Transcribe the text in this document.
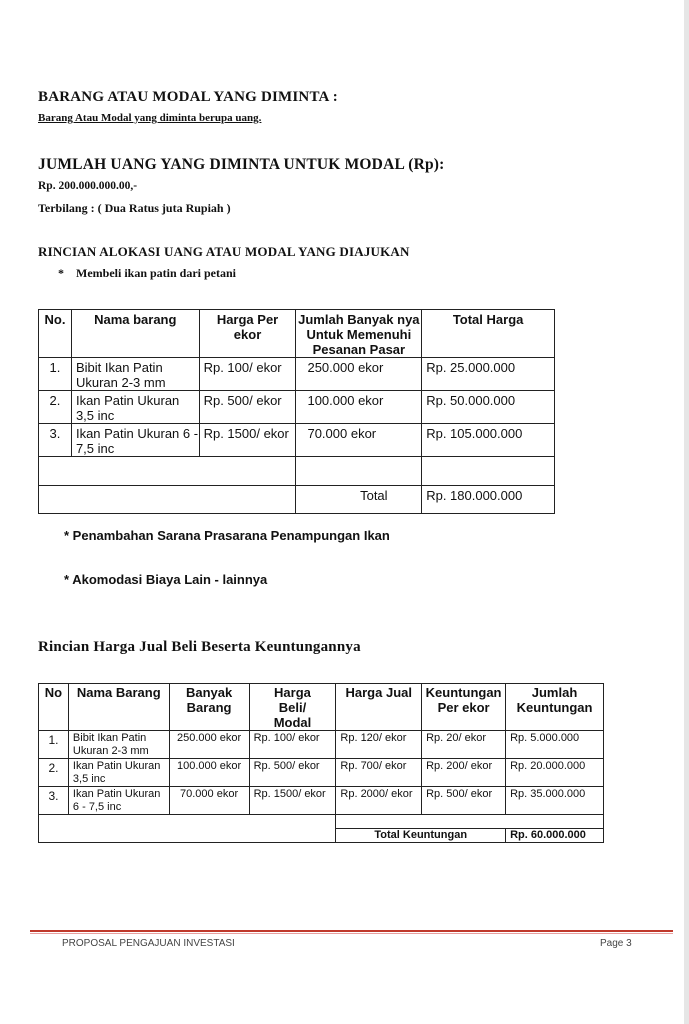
BARANG ATAU MODAL YANG DIMINTA :
Barang Atau Modal yang diminta berupa uang.
JUMLAH UANG YANG DIMINTA UNTUK MODAL (Rp):
Rp. 200.000.000.00,-
Terbilang : ( Dua Ratus juta Rupiah )
RINCIAN ALOKASI UANG ATAU MODAL YANG DIAJUKAN
*    Membeli ikan patin dari petani
No.	Nama barang	Harga Per ekor	Jumlah Banyak nya Untuk Memenuhi Pesanan Pasar	Total Harga
1.	Bibit Ikan Patin Ukuran 2-3 mm	Rp. 100/ ekor	250.000 ekor	Rp. 25.000.000
2.	Ikan Patin Ukuran 3,5 inc	Rp. 500/ ekor	100.000 ekor	Rp. 50.000.000
3.	Ikan Patin Ukuran 6 - 7,5 inc	Rp. 1500/ ekor	70.000 ekor	Rp. 105.000.000

			Total	Rp. 180.000.000
* Penambahan Sarana Prasarana Penampungan Ikan
* Akomodasi Biaya Lain - lainnya
Rincian Harga Jual Beli Beserta Keuntungannya
No	Nama Barang	Banyak Barang	Harga Beli/ Modal	Harga Jual	Keuntungan Per ekor	Jumlah Keuntungan
1.	Bibit Ikan Patin Ukuran 2-3 mm	250.000 ekor	Rp. 100/ ekor	Rp. 120/ ekor	Rp. 20/ ekor	Rp. 5.000.000
2.	Ikan Patin Ukuran 3,5 inc	100.000 ekor	Rp. 500/ ekor	Rp. 700/ ekor	Rp. 200/ ekor	Rp. 20.000.000
3.	Ikan Patin Ukuran 6 - 7,5 inc	70.000 ekor	Rp. 1500/ ekor	Rp. 2000/ ekor	Rp. 500/ ekor	Rp. 35.000.000

				Total Keuntungan		Rp. 60.000.000
PROPOSAL PENGAJUAN INVESTASI	Page 3
